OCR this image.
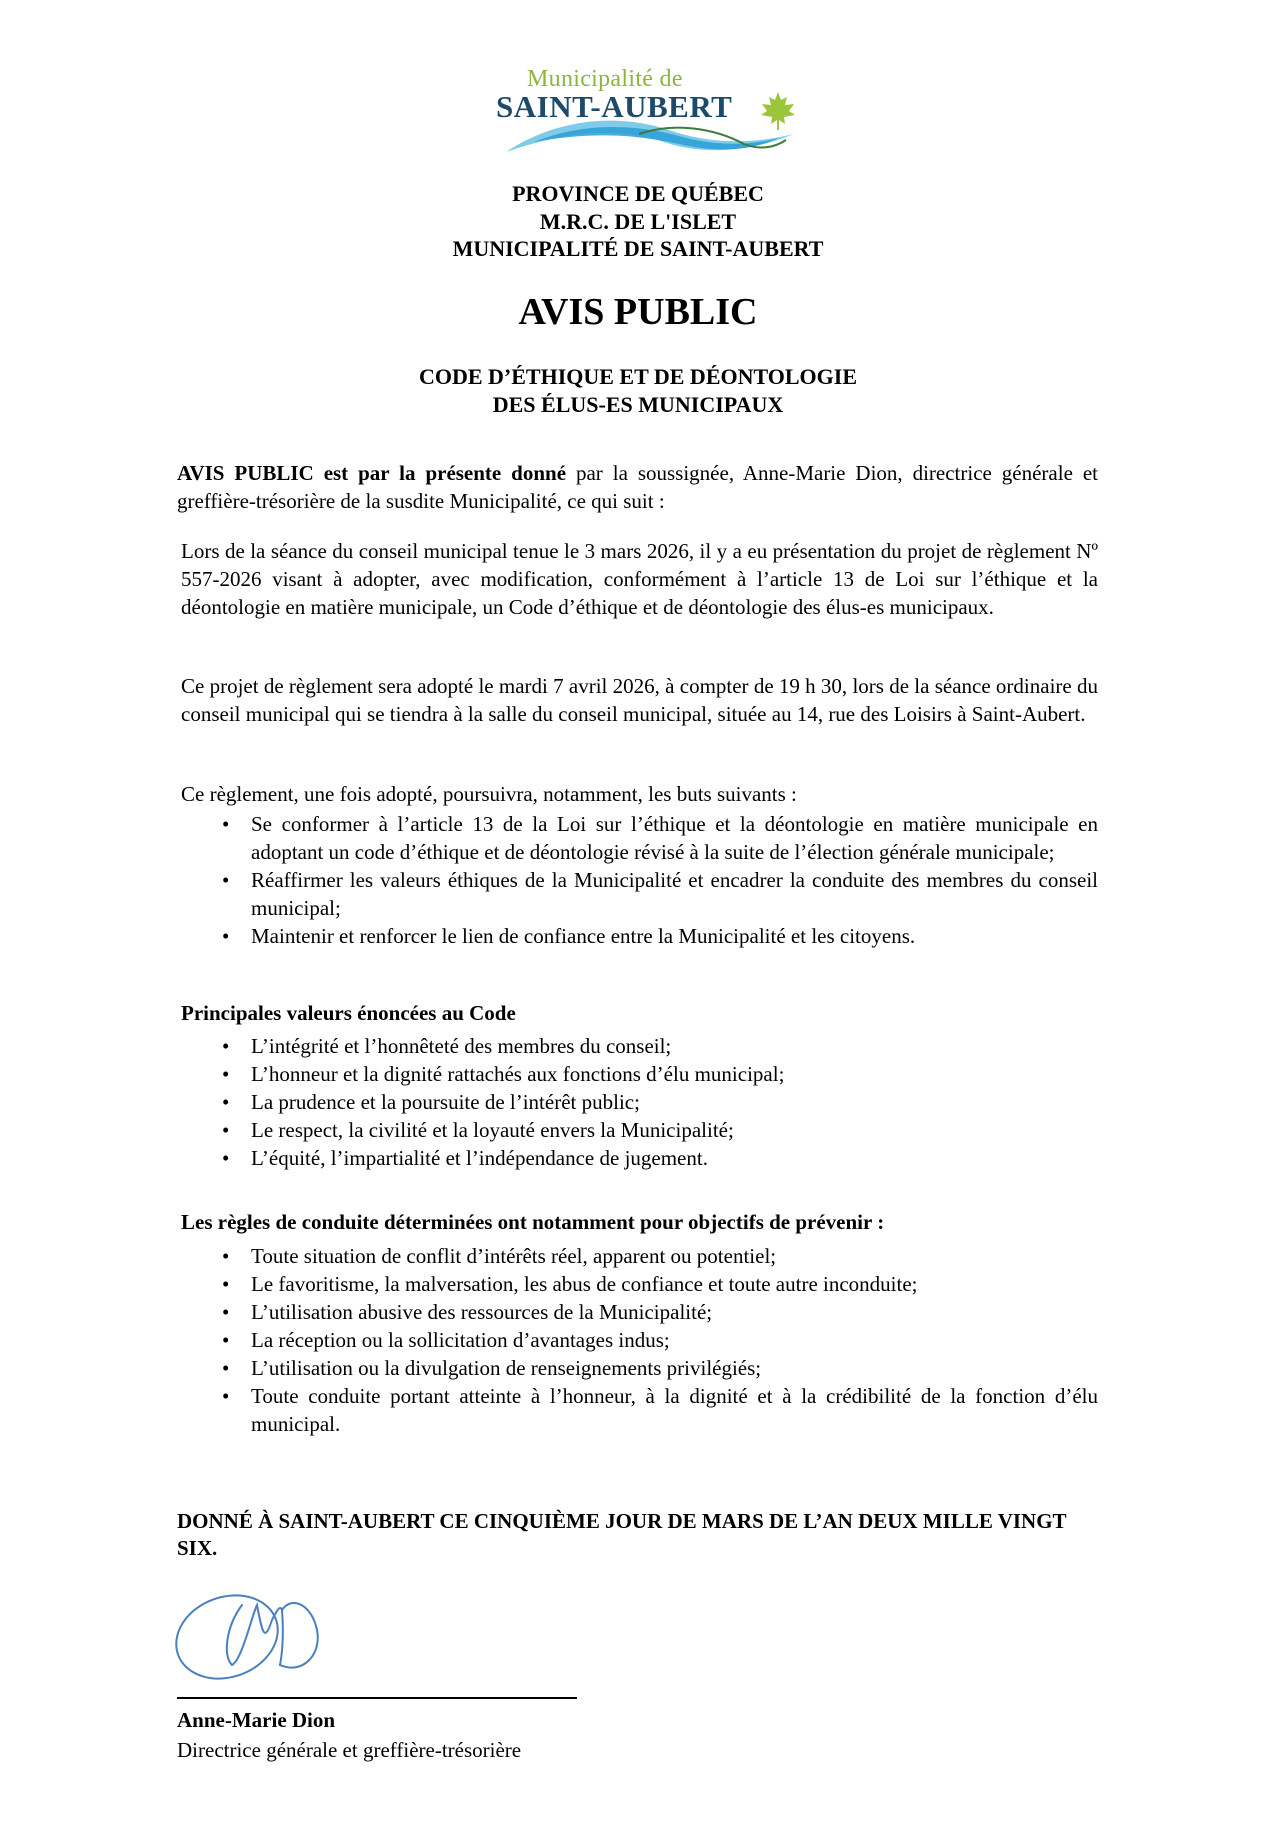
Municipalité de
SAINT-AUBERT
PROVINCE DE QUÉBEC
M.R.C. DE L'ISLET
MUNICIPALITÉ DE SAINT-AUBERT
AVIS PUBLIC
CODE D’ÉTHIQUE ET DE DÉONTOLOGIE
DES ÉLUS-ES MUNICIPAUX
AVIS PUBLIC est par la présente donné par la soussignée, Anne-Marie Dion, directrice générale et greffière-trésorière de la susdite Municipalité, ce qui suit :
Lors de la séance du conseil municipal tenue le 3 mars 2026, il y a eu présentation du projet de règlement Nº 557-2026 visant à adopter, avec modification, conformément à l’article 13 de Loi sur l’éthique et la déontologie en matière municipale, un Code d’éthique et de déontologie des élus-es municipaux.
Ce projet de règlement sera adopté le mardi 7 avril 2026, à compter de 19 h 30, lors de la séance ordinaire du conseil municipal qui se tiendra à la salle du conseil municipal, située au 14, rue des Loisirs à Saint-Aubert.
Ce règlement, une fois adopté, poursuivra, notamment, les buts suivants :
• Se conformer à l’article 13 de la Loi sur l’éthique et la déontologie en matière municipale en adoptant un code d’éthique et de déontologie révisé à la suite de l’élection générale municipale;
• Réaffirmer les valeurs éthiques de la Municipalité et encadrer la conduite des membres du conseil municipal;
• Maintenir et renforcer le lien de confiance entre la Municipalité et les citoyens.
Principales valeurs énoncées au Code
• L’intégrité et l’honnêteté des membres du conseil;
• L’honneur et la dignité rattachés aux fonctions d’élu municipal;
• La prudence et la poursuite de l’intérêt public;
• Le respect, la civilité et la loyauté envers la Municipalité;
• L’équité, l’impartialité et l’indépendance de jugement.
Les règles de conduite déterminées ont notamment pour objectifs de prévenir :
• Toute situation de conflit d’intérêts réel, apparent ou potentiel;
• Le favoritisme, la malversation, les abus de confiance et toute autre inconduite;
• L’utilisation abusive des ressources de la Municipalité;
• La réception ou la sollicitation d’avantages indus;
• L’utilisation ou la divulgation de renseignements privilégiés;
• Toute conduite portant atteinte à l’honneur, à la dignité et à la crédibilité de la fonction d’élu municipal.
DONNÉ À SAINT-AUBERT CE CINQUIÈME JOUR DE MARS DE L’AN DEUX MILLE VINGT SIX.
Anne-Marie Dion
Directrice générale et greffière-trésorière
